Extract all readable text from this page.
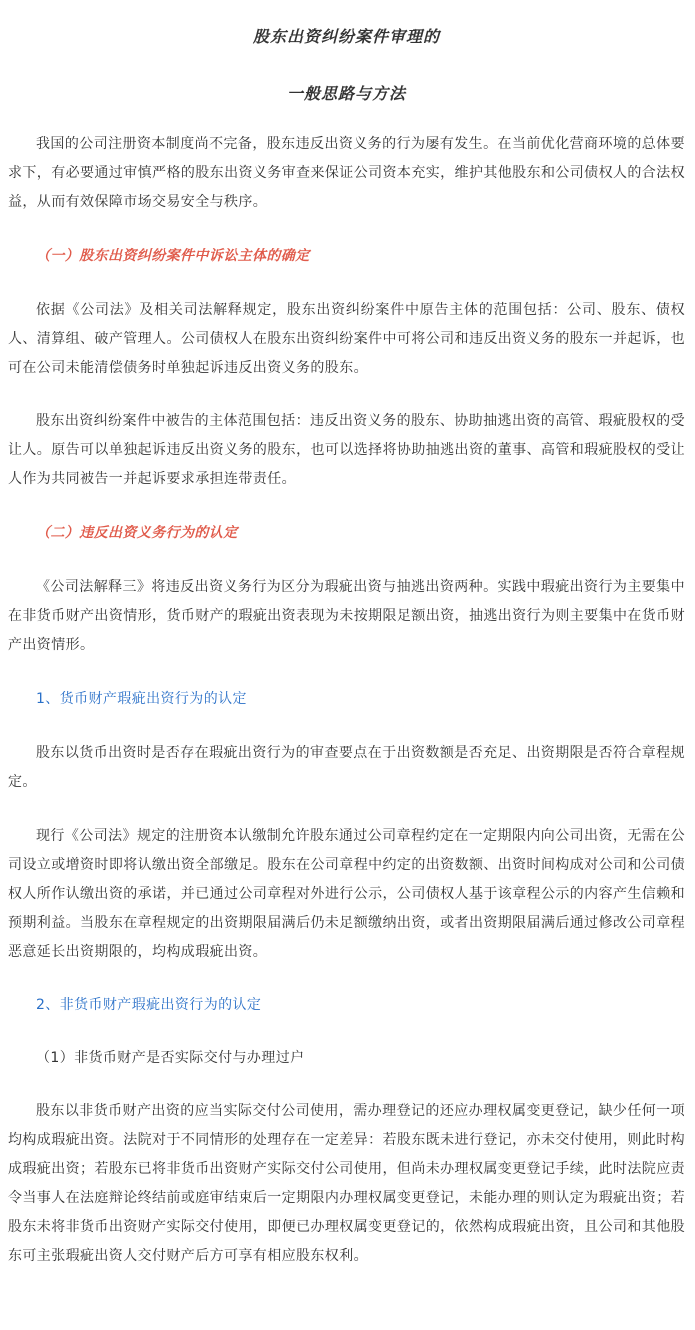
股东出资纠纷案件审理的

一般思路与方法

我国的公司注册资本制度尚不完备，股东违反出资义务的行为屡有发生。在当前优化营商环境的总体要求下，有必要通过审慎严格的股东出资义务审查来保证公司资本充实，维护其他股东和公司债权人的合法权益，从而有效保障市场交易安全与秩序。

（一）股东出资纠纷案件中诉讼主体的确定

依据《公司法》及相关司法解释规定，股东出资纠纷案件中原告主体的范围包括：公司、股东、债权人、清算组、破产管理人。公司债权人在股东出资纠纷案件中可将公司和违反出资义务的股东一并起诉，也可在公司未能清偿债务时单独起诉违反出资义务的股东。

股东出资纠纷案件中被告的主体范围包括：违反出资义务的股东、协助抽逃出资的高管、瑕疵股权的受让人。原告可以单独起诉违反出资义务的股东，也可以选择将协助抽逃出资的董事、高管和瑕疵股权的受让人作为共同被告一并起诉要求承担连带责任。

（二）违反出资义务行为的认定

《公司法解释三》将违反出资义务行为区分为瑕疵出资与抽逃出资两种。实践中瑕疵出资行为主要集中在非货币财产出资情形，货币财产的瑕疵出资表现为未按期限足额出资，抽逃出资行为则主要集中在货币财产出资情形。

1、货币财产瑕疵出资行为的认定

股东以货币出资时是否存在瑕疵出资行为的审查要点在于出资数额是否充足、出资期限是否符合章程规定。

现行《公司法》规定的注册资本认缴制允许股东通过公司章程约定在一定期限内向公司出资，无需在公司设立或增资时即将认缴出资全部缴足。股东在公司章程中约定的出资数额、出资时间构成对公司和公司债权人所作认缴出资的承诺，并已通过公司章程对外进行公示，公司债权人基于该章程公示的内容产生信赖和预期利益。当股东在章程规定的出资期限届满后仍未足额缴纳出资，或者出资期限届满后通过修改公司章程恶意延长出资期限的，均构成瑕疵出资。

2、非货币财产瑕疵出资行为的认定

（1）非货币财产是否实际交付与办理过户

股东以非货币财产出资的应当实际交付公司使用，需办理登记的还应办理权属变更登记，缺少任何一项均构成瑕疵出资。法院对于不同情形的处理存在一定差异：若股东既未进行登记，亦未交付使用，则此时构成瑕疵出资；若股东已将非货币出资财产实际交付公司使用，但尚未办理权属变更登记手续，此时法院应责令当事人在法庭辩论终结前或庭审结束后一定期限内办理权属变更登记，未能办理的则认定为瑕疵出资；若股东未将非货币出资财产实际交付使用，即便已办理权属变更登记的，依然构成瑕疵出资，且公司和其他股东可主张瑕疵出资人交付财产后方可享有相应股东权利。
